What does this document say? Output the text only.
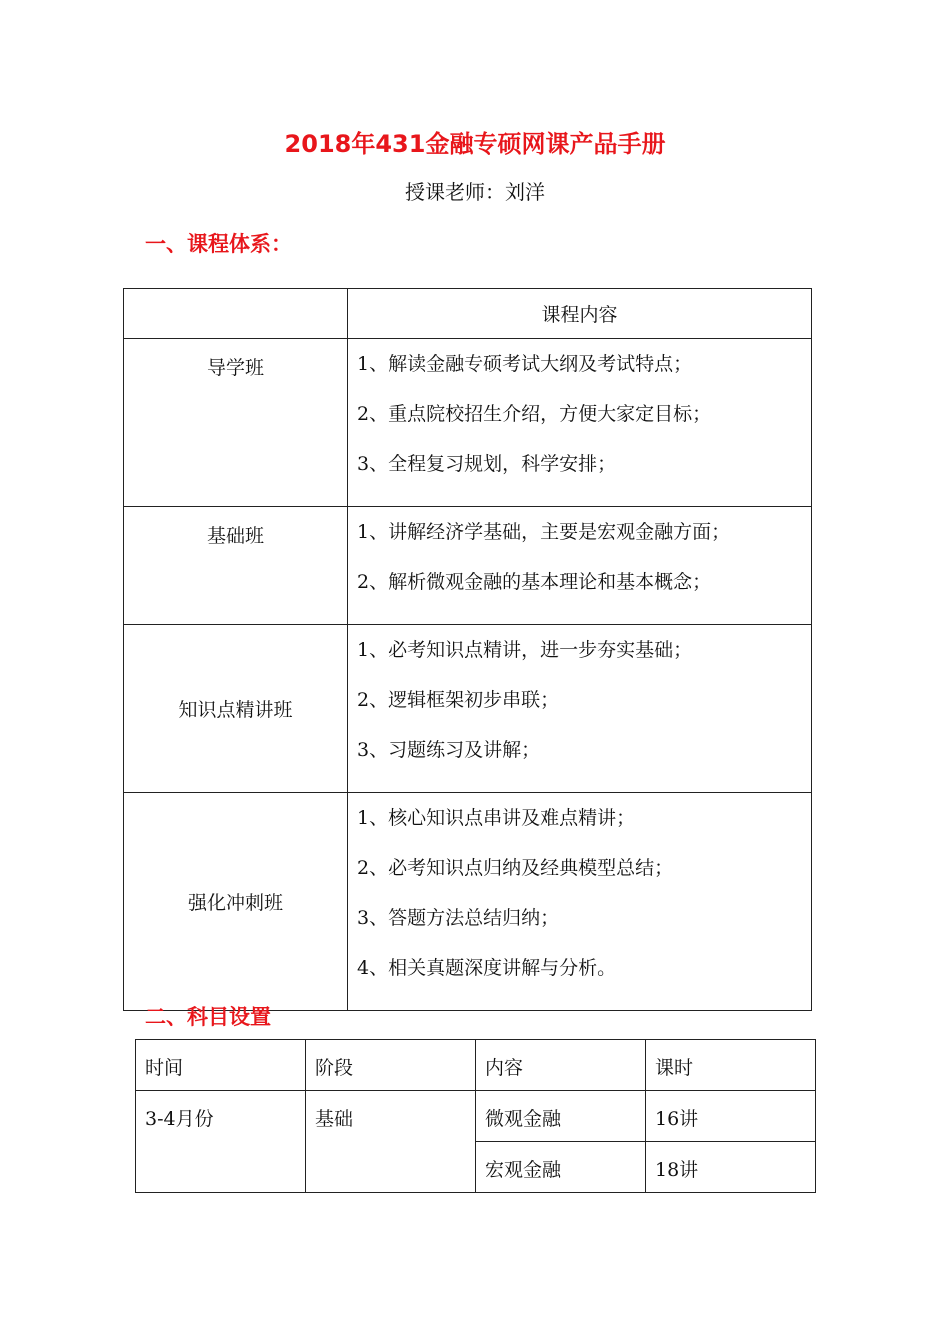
2018年431金融专硕网课产品手册
授课老师：刘洋
一、课程体系：
	课程内容
导学班	1、解读金融专硕考试大纲及考试特点；
2、重点院校招生介绍，方便大家定目标；
3、全程复习规划，科学安排；

基础班	1、讲解经济学基础，主要是宏观金融方面；
2、解析微观金融的基本理论和基本概念；

知识点精讲班	1、必考知识点精讲，进一步夯实基础；
2、逻辑框架初步串联；
3、习题练习及讲解；

强化冲刺班	1、核心知识点串讲及难点精讲；
2、必考知识点归纳及经典模型总结；
3、答题方法总结归纳；
4、相关真题深度讲解与分析。
二、科目设置
时间	阶段	内容	课时
3-4月份	基础	微观金融	16讲
		宏观金融	18讲
